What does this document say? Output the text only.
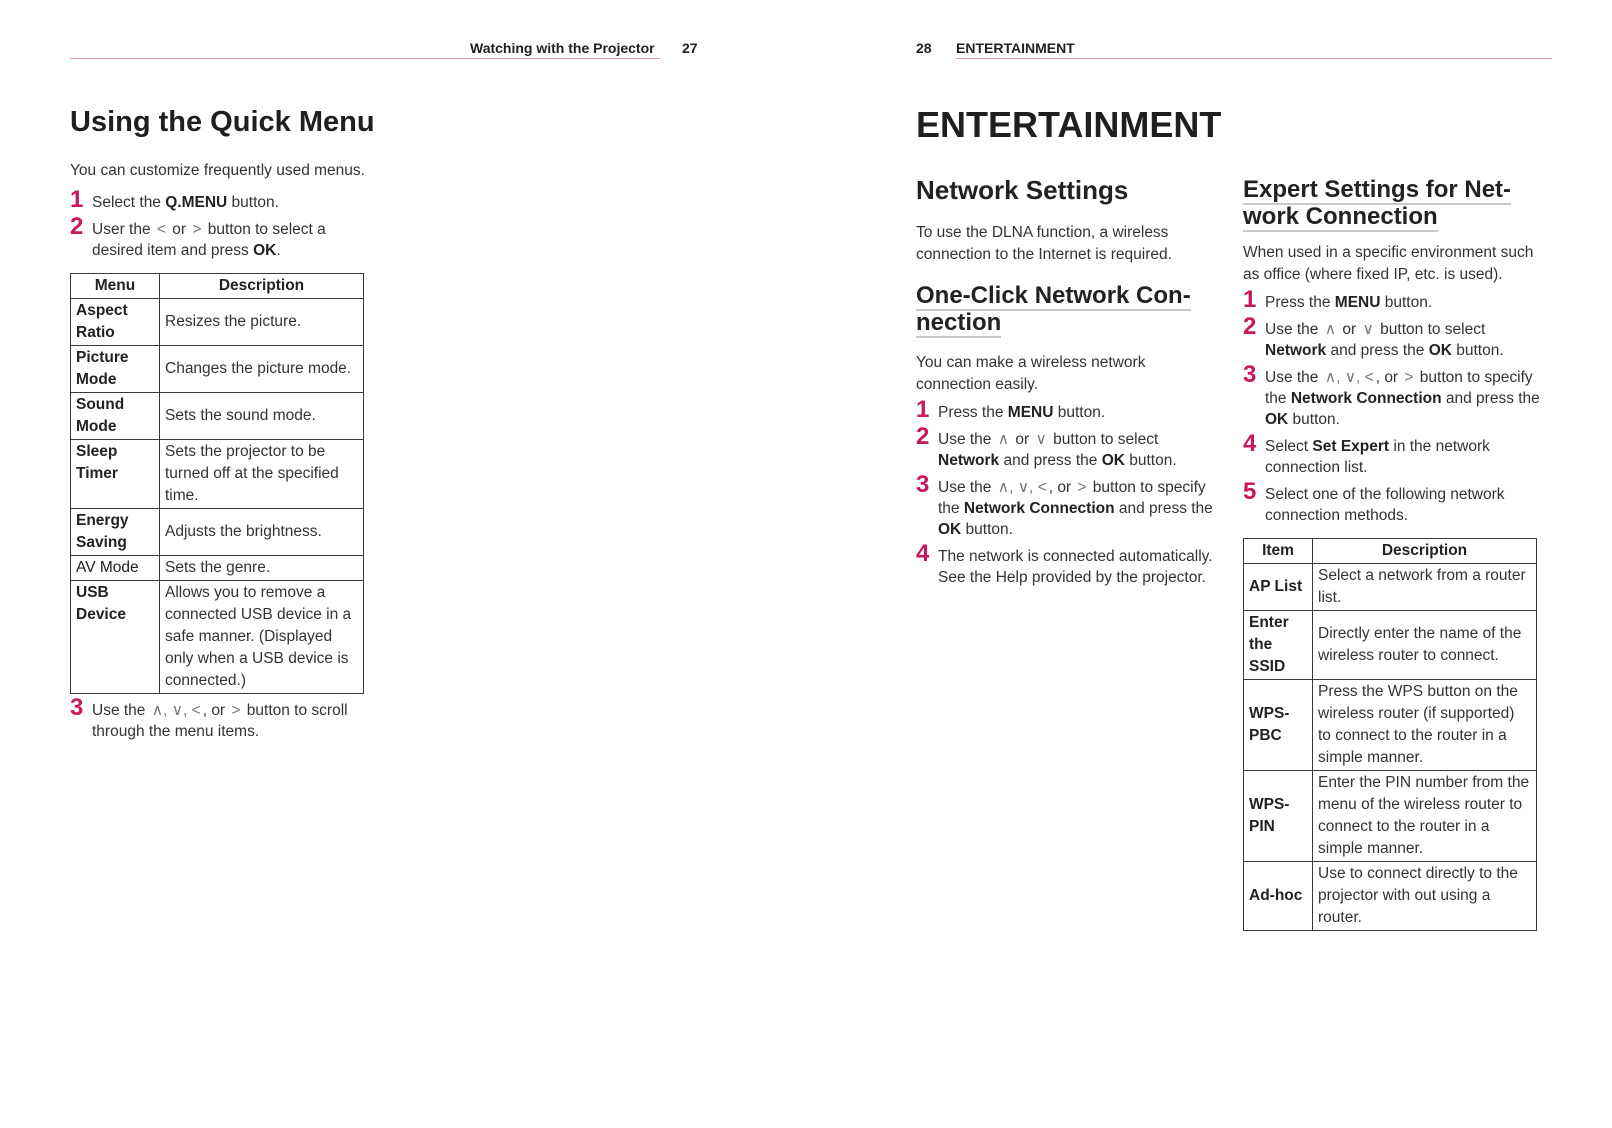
Watching with the Projector 27
Using the Quick Menu

You can customize frequently used menus.

1 Select the Q.MENU button.
2 User the < or > button to select a desired item and press OK.
Menu	Description
Aspect Ratio	Resizes the picture.
Picture Mode	Changes the picture mode.
Sound Mode	Sets the sound mode.
Sleep Timer	Sets the projector to be turned off at the specified time.
Energy Saving	Adjusts the brightness.
AV Mode	Sets the genre.
USB Device	Allows you to remove a connected USB device in a safe manner. (Displayed only when a USB device is connected.)
3 Use the ∧, ∨, < , or > button to scroll through the menu items.
28 ENTERTAINMENT
ENTERTAINMENT
Network Settings

To use the DLNA function, a wireless connection to the Internet is required.

One-Click Network Con-
nection

You can make a wireless network connection easily.

1 Press the MENU button.
2 Use the ∧ or ∨ button to select Network and press the OK button.
3 Use the ∧, ∨, < , or > button to specify the Network Connection and press the OK button.
4 The network is connected automatically.
See the Help provided by the projector.
Expert Settings for Net-
work Connection

When used in a specific environment such as office (where fixed IP, etc. is used).

1 Press the MENU button.
2 Use the ∧ or ∨ button to select Network and press the OK button.
3 Use the ∧, ∨, < , or > button to specify the Network Connection and press the OK button.
4 Select Set Expert in the network connection list.
5 Select one of the following network connection methods.
Item	Description
AP List	Select a network from a router list.
Enter the SSID	Directly enter the name of the wireless router to connect.
WPS-PBC	Press the WPS button on the wireless router (if supported) to connect to the router in a simple manner.
WPS-PIN	Enter the PIN number from the menu of the wireless router to connect to the router in a simple manner.
Ad-hoc	Use to connect directly to the projector with out using a router.
